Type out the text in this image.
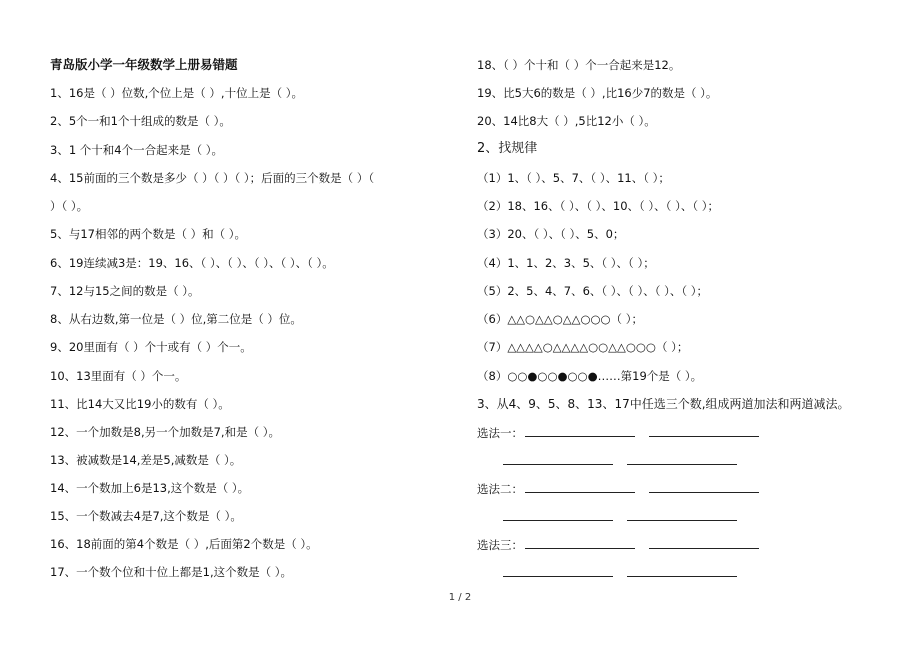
青岛版小学一年级数学上册易错题
1、16是（ ）位数,个位上是（ ）,十位上是（ ）。
2、5个一和1个十组成的数是（ ）。
3、1 个十和4个一合起来是（ ）。
4、15前面的三个数是多少（ ）（ ）（ ）；后面的三个数是（ ）（
）（ ）。
5、与17相邻的两个数是（ ）和（ ）。
6、19连续减3是：19、16、（ ）、（ ）、（ ）、（ ）、（ ）。
7、12与15之间的数是（ ）。
8、从右边数,第一位是（ ）位,第二位是（ ）位。
9、20里面有（ ）个十或有（ ）个一。
10、13里面有（ ）个一。
11、比14大又比19小的数有（ ）。
12、一个加数是8,另一个加数是7,和是（ ）。
13、被减数是14,差是5,减数是（ ）。
14、一个数加上6是13,这个数是（ ）。
15、一个数减去4是7,这个数是（ ）。
16、18前面的第4个数是（ ）,后面第2个数是（ ）。
17、一个数个位和十位上都是1,这个数是（ ）。
18、（ ）个十和（ ）个一合起来是12。
19、比5大6的数是（ ）,比16少7的数是（ ）。
20、14比8大（ ）,5比12小（ ）。
2、找规律
（1）1、（ ）、5、7、（ ）、11、（ ）；
（2）18、16、（ ）、（ ）、10、（ ）、（ ）、（ ）；
（3）20、（ ）、（ ）、5、0；
（4）1、1、2、3、5、（ ）、（ ）；
（5）2、5、4、7、6、（ ）、（ ）、（ ）、（ ）；
（6）△△○△△○△△○○○（ ）；
（7）△△△△○△△△△○○△△○○○（ ）；
（8）○○●○○●○○●……第19个是（ ）。
3、从4、9、5、8、13、17中任选三个数,组成两道加法和两道减法。
选法一：
选法二：
选法三：
1 / 2
